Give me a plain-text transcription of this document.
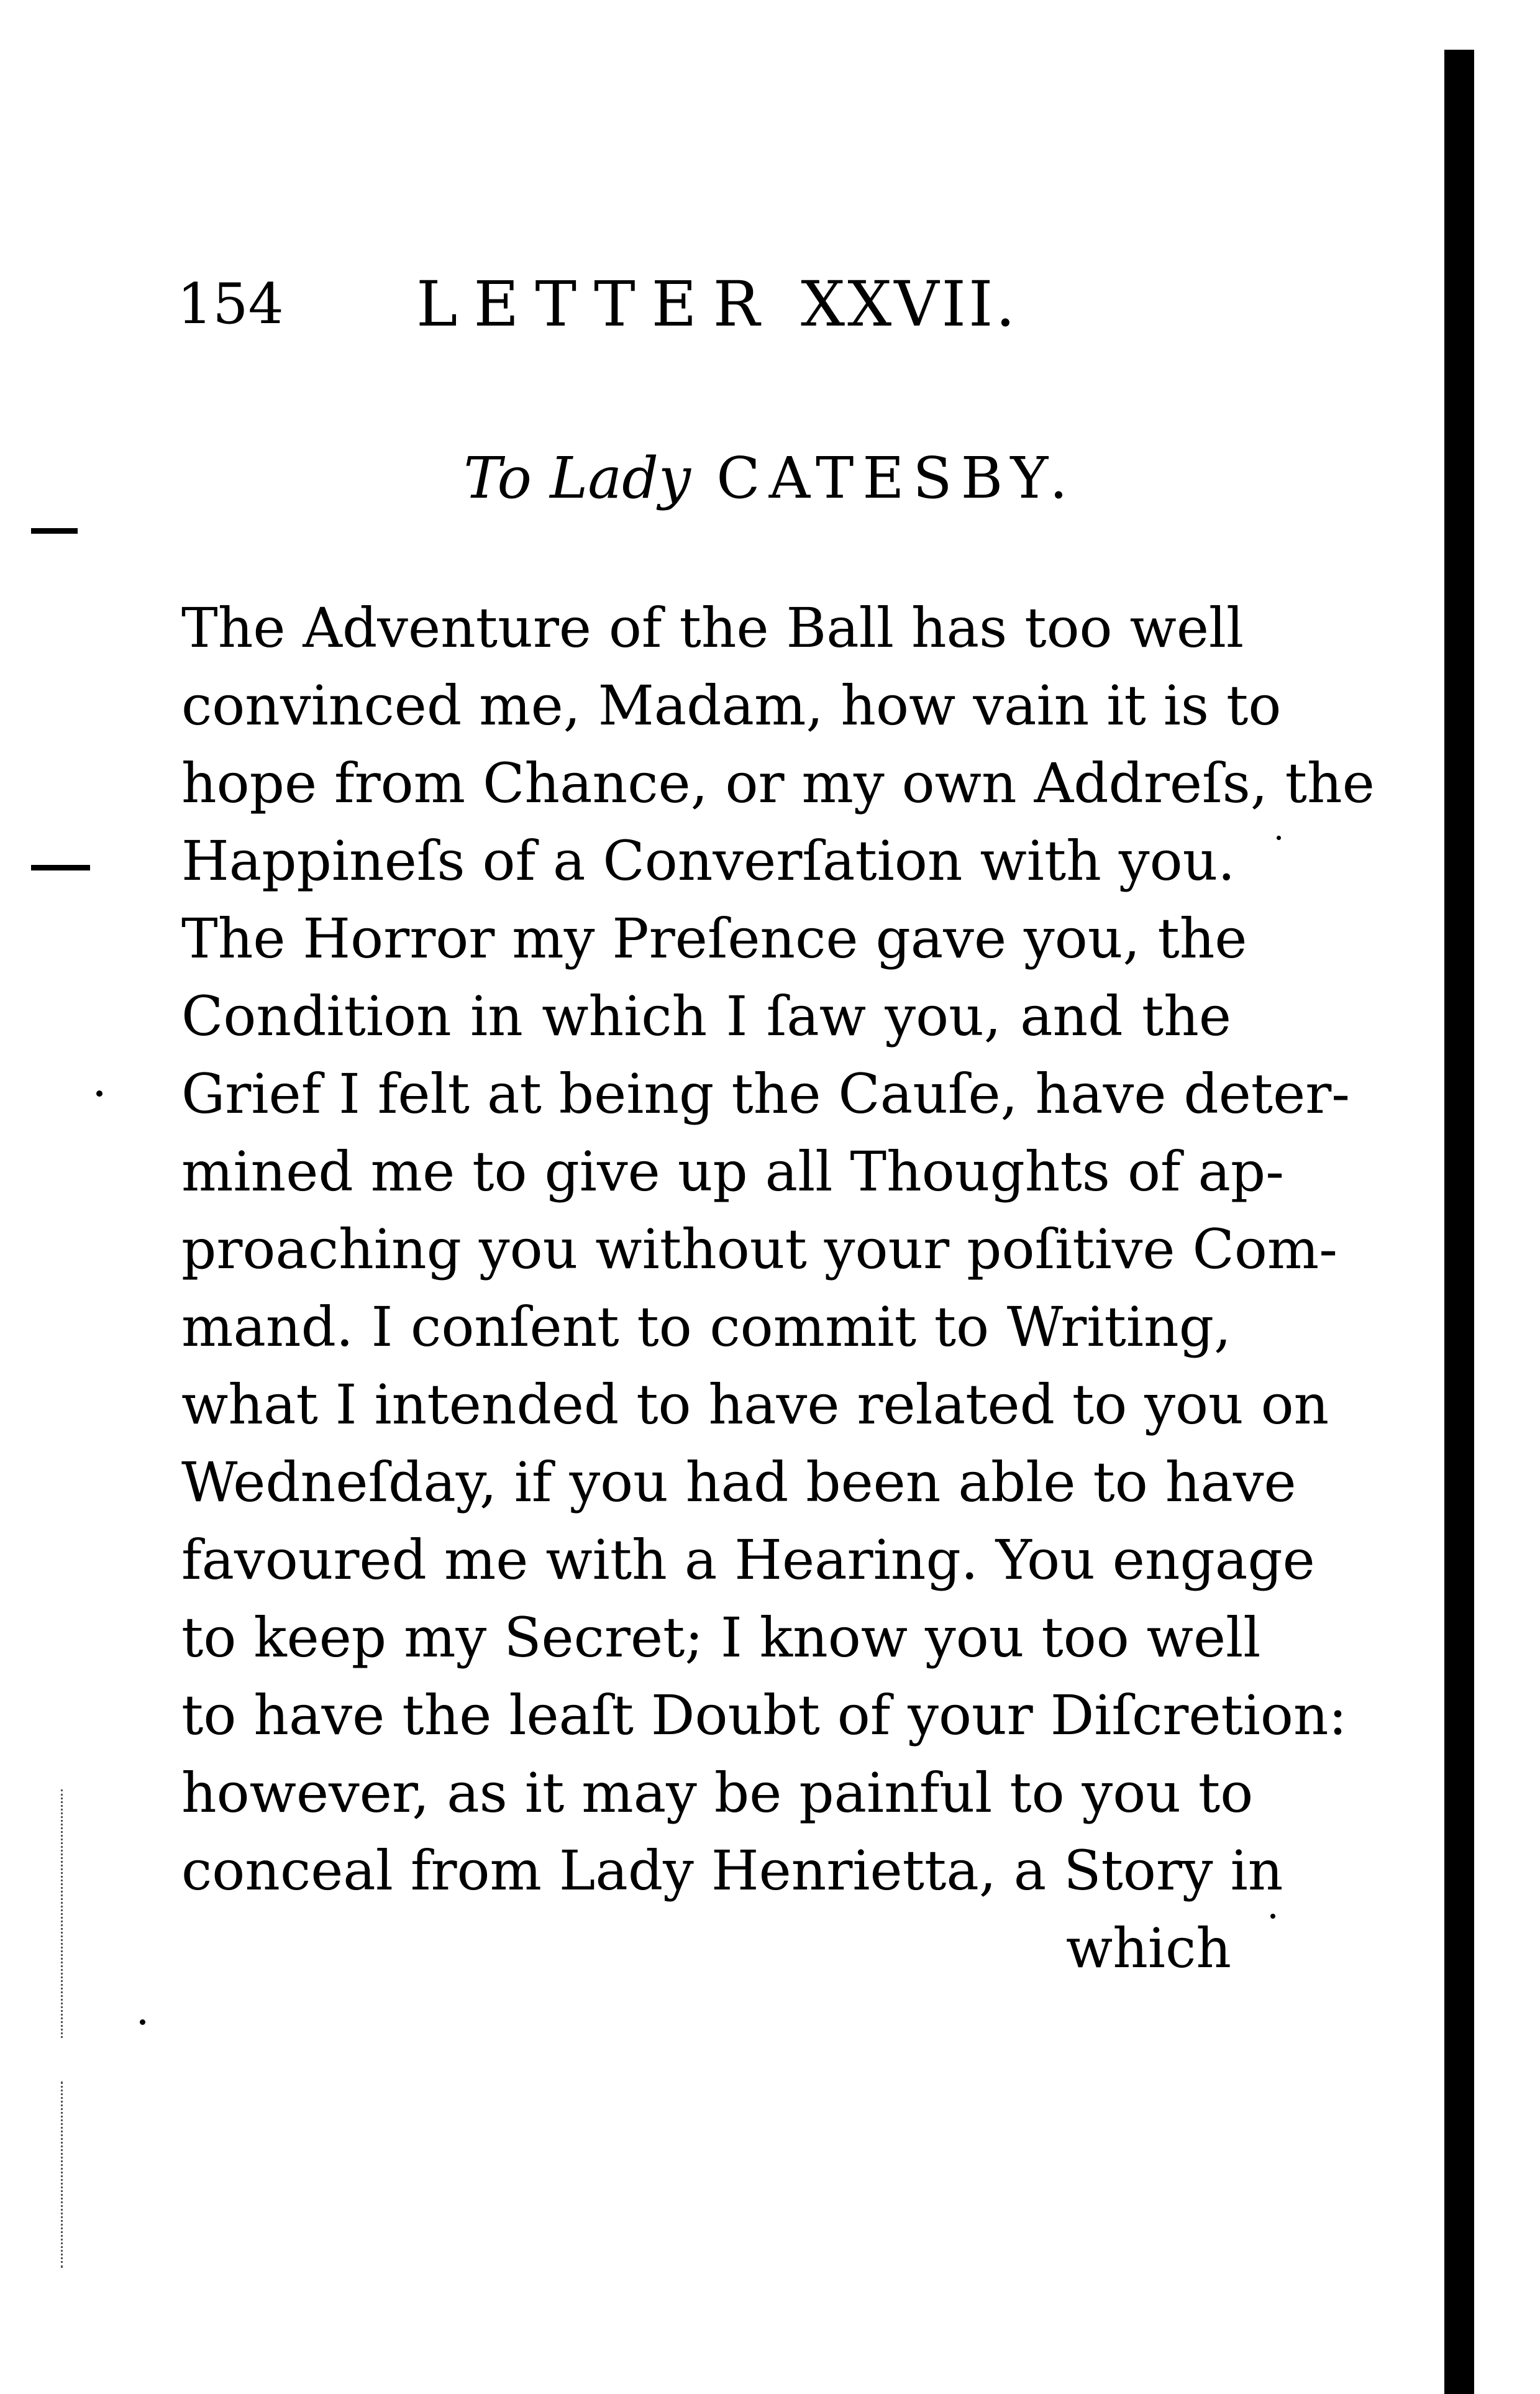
154 LETTER XXVII.
To Lady CATESBY.
The Adventure of the Ball has too well
convinced me, Madam, how vain it is to
hope from Chance, or my own Addreſs, the
Happineſs of a Converſation with you.
The Horror my Preſence gave you, the
Condition in which I ſaw you, and the
Grief I felt at being the Cauſe, have deter-
mined me to give up all Thoughts of ap-
proaching you without your poſitive Com-
mand. I conſent to commit to Writing,
what I intended to have related to you on
Wedneſday, if you had been able to have
favoured me with a Hearing. You engage
to keep my Secret; I know you too well
to have the leaſt Doubt of your Diſcretion:
however, as it may be painful to you to
conceal from Lady Henrietta, a Story in
which
